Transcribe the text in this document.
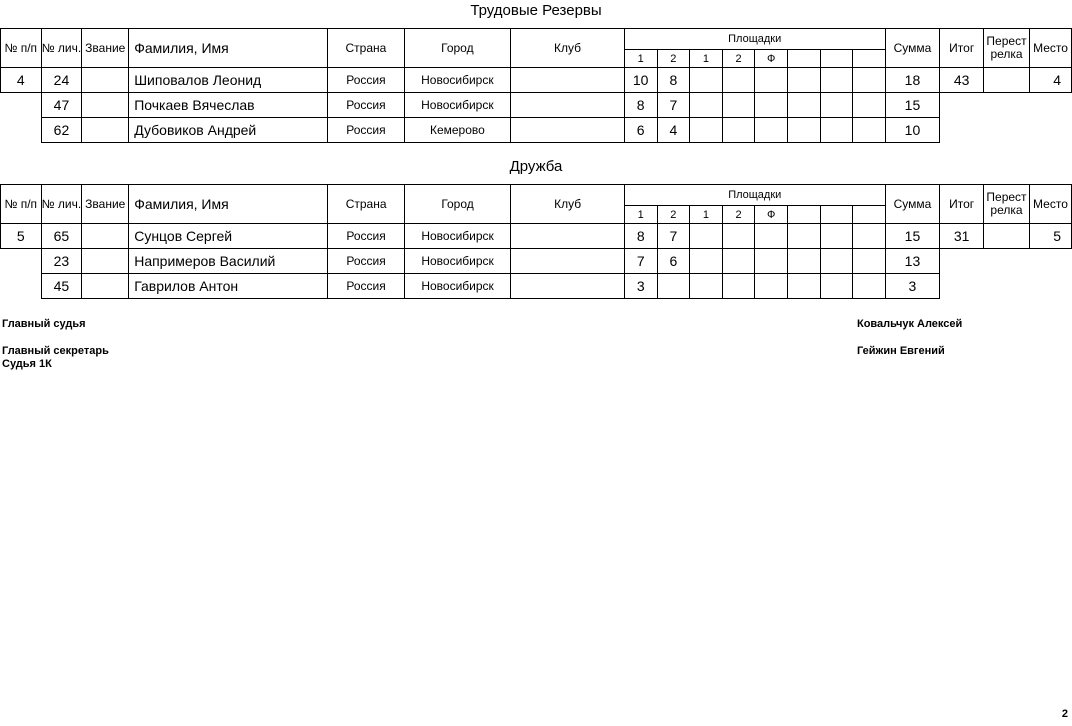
Трудовые Резервы
№ п/п	№ лич.	Звание	Фамилия, Имя	Страна	Город	Клуб	Площадки								Сумма	Итог	Перест релка	Место
							1	2	1	2	Ф							
4	24		Шиповалов Леонид	Россия	Новосибирск		10	8							18	43		4
	47		Почкаев Вячеслав	Россия	Новосибирск		8	7							15			
	62		Дубовиков Андрей	Россия	Кемерово		6	4							10			
Дружба
№ п/п	№ лич.	Звание	Фамилия, Имя	Страна	Город	Клуб	Площадки								Сумма	Итог	Перест релка	Место
							1	2	1	2	Ф							
5	65		Сунцов Сергей	Россия	Новосибирск		8	7							15	31		5
	23		Напримеров Василий	Россия	Новосибирск		7	6							13			
	45		Гаврилов Антон	Россия	Новосибирск		3								3			
Главный судья	Ковальчук Алексей
Главный секретарь	Гейжин Евгений
Судья 1К
2
